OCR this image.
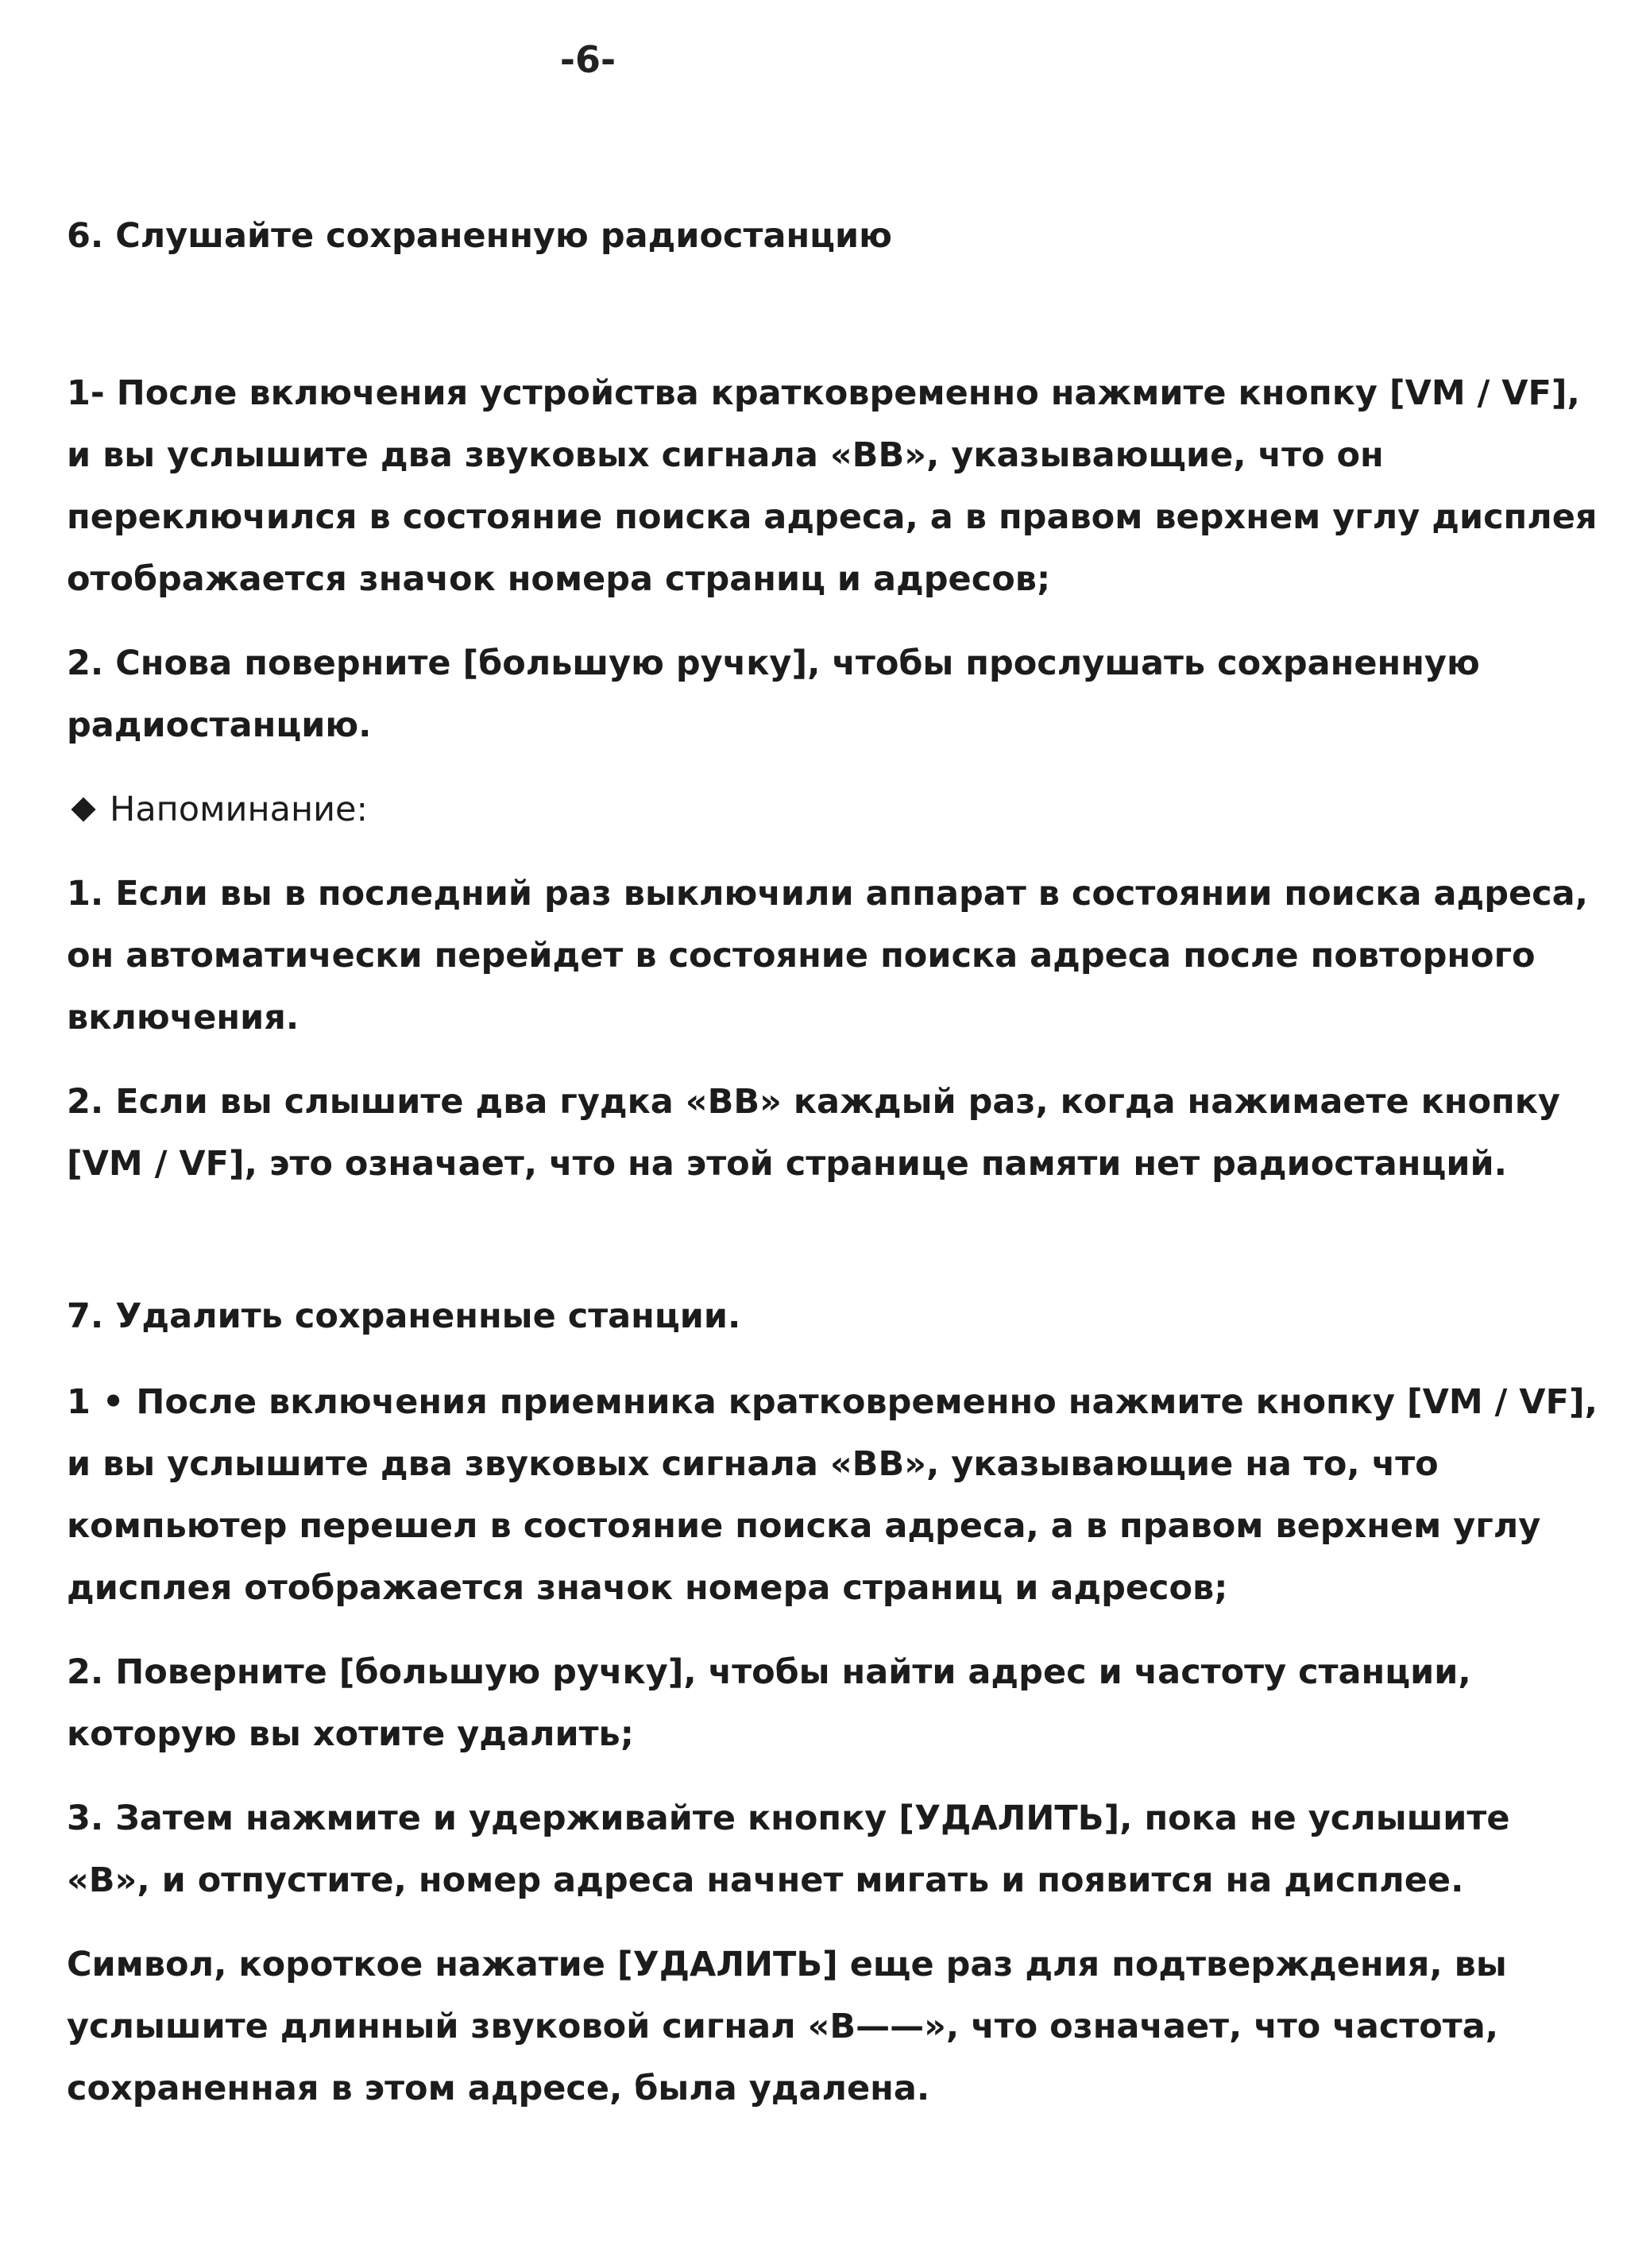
-6-
6. Слушайте сохраненную радиостанцию
1- После включения устройства кратковременно нажмите кнопку [VM / VF], и вы услышите два звуковых сигнала «BB», указывающие, что он переключился в состояние поиска адреса, а в правом верхнем углу дисплея отображается значок номера страниц и адресов;
2. Снова поверните [большую ручку], чтобы прослушать сохраненную радиостанцию.
Напоминание:
1. Если вы в последний раз выключили аппарат в состоянии поиска адреса, он автоматически перейдет в состояние поиска адреса после повторного включения.
2. Если вы слышите два гудка «BB» каждый раз, когда нажимаете кнопку [VM / VF], это означает, что на этой странице памяти нет радиостанций.
7. Удалить сохраненные станции.
1 • После включения приемника кратковременно нажмите кнопку [VM / VF], и вы услышите два звуковых сигнала «BB», указывающие на то, что компьютер перешел в состояние поиска адреса, а в правом верхнем углу дисплея отображается значок номера страниц и адресов;
2. Поверните [большую ручку], чтобы найти адрес и частоту станции, которую вы хотите удалить;
3. Затем нажмите и удерживайте кнопку [УДАЛИТЬ], пока не услышите «B», и отпустите, номер адреса начнет мигать и появится на дисплее.
Символ, короткое нажатие [УДАЛИТЬ] еще раз для подтверждения, вы услышите длинный звуковой сигнал «B——», что означает, что частота, сохраненная в этом адресе, была удалена.
